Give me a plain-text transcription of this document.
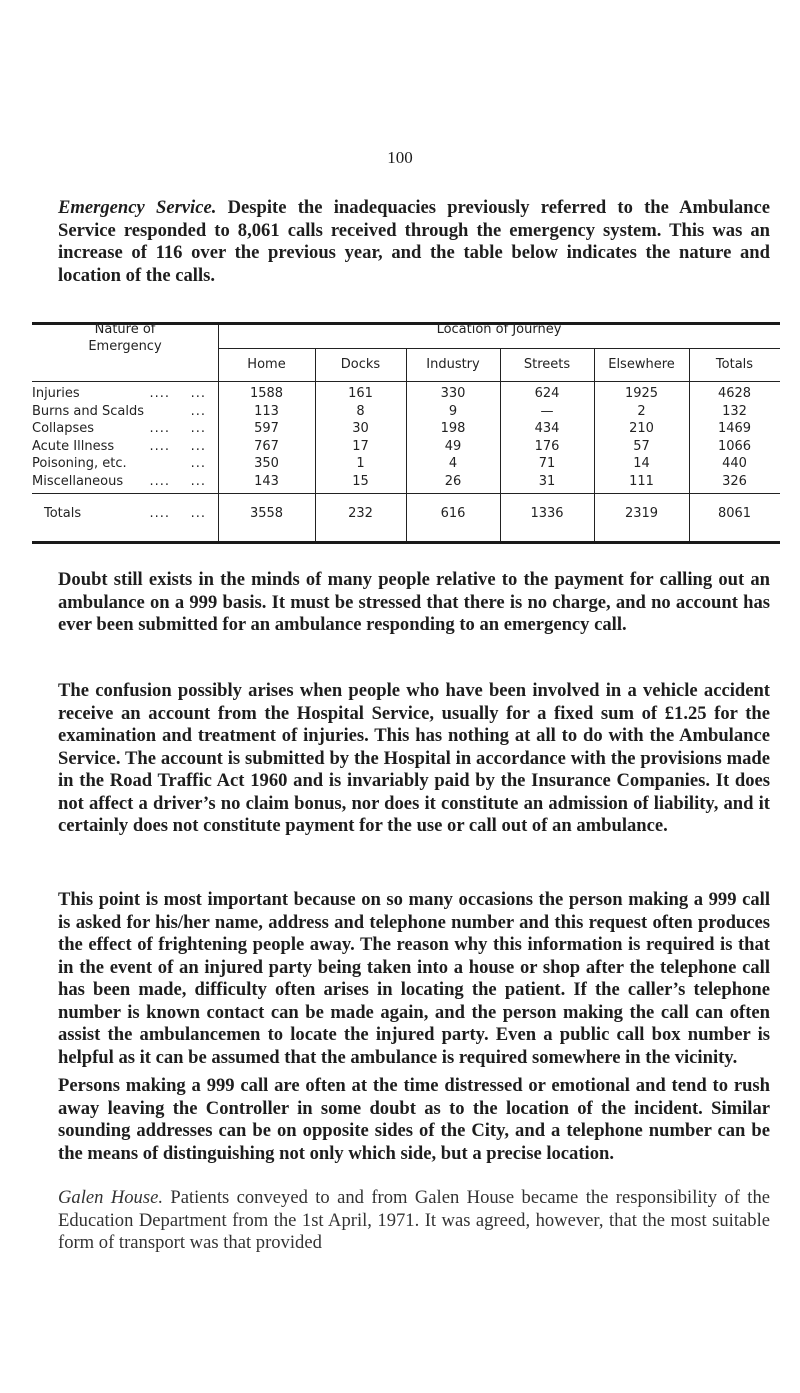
100

Emergency Service. Despite the inadequacies previously referred to the Ambulance Service responded to 8,061 calls received through the emergency system. This was an increase of 116 over the previous year, and the table below indicates the nature and location of the calls.

Nature of
Emergency
Location of Journey
Home	Docks	Industry	Streets	Elsewhere	Totals
Injuries	.... ...	1588	161	330	624	1925	4628
Burns and Scalds	...	113	8	9	—	2	132
Collapses	.... ...	597	30	198	434	210	1469
Acute Illness	.... ...	767	17	49	176	57	1066
Poisoning, etc.	...	350	1	4	71	14	440
Miscellaneous .... ...	143	15	26	31	111	326
Totals	.... ...	3558	232	616	1336	2319	8061

Doubt still exists in the minds of many people relative to the payment for calling out an ambulance on a 999 basis. It must be stressed that there is no charge, and no account has ever been submitted for an ambulance responding to an emergency call.

The confusion possibly arises when people who have been involved in a vehicle accident receive an account from the Hospital Service, usually for a fixed sum of £1.25 for the examination and treatment of injuries. This has nothing at all to do with the Ambulance Service. The account is submitted by the Hospital in accordance with the provisions made in the Road Traffic Act 1960 and is invariably paid by the Insurance Companies. It does not affect a driver’s no claim bonus, nor does it constitute an admission of liability, and it certainly does not constitute payment for the use or call out of an ambulance.

This point is most important because on so many occasions the person making a 999 call is asked for his/her name, address and telephone number and this request often produces the effect of frightening people away. The reason why this information is required is that in the event of an injured party being taken into a house or shop after the telephone call has been made, difficulty often arises in locating the patient. If the caller’s telephone number is known contact can be made again, and the person making the call can often assist the ambulancemen to locate the injured party. Even a public call box number is helpful as it can be assumed that the ambulance is required somewhere in the vicinity.

Persons making a 999 call are often at the time distressed or emotional and tend to rush away leaving the Controller in some doubt as to the location of the incident. Similar sounding addresses can be on opposite sides of the City, and a telephone number can be the means of distinguishing not only which side, but a precise location.

Galen House. Patients conveyed to and from Galen House became the responsibility of the Education Department from the 1st April, 1971. It was agreed, however, that the most suitable form of transport was that provided
